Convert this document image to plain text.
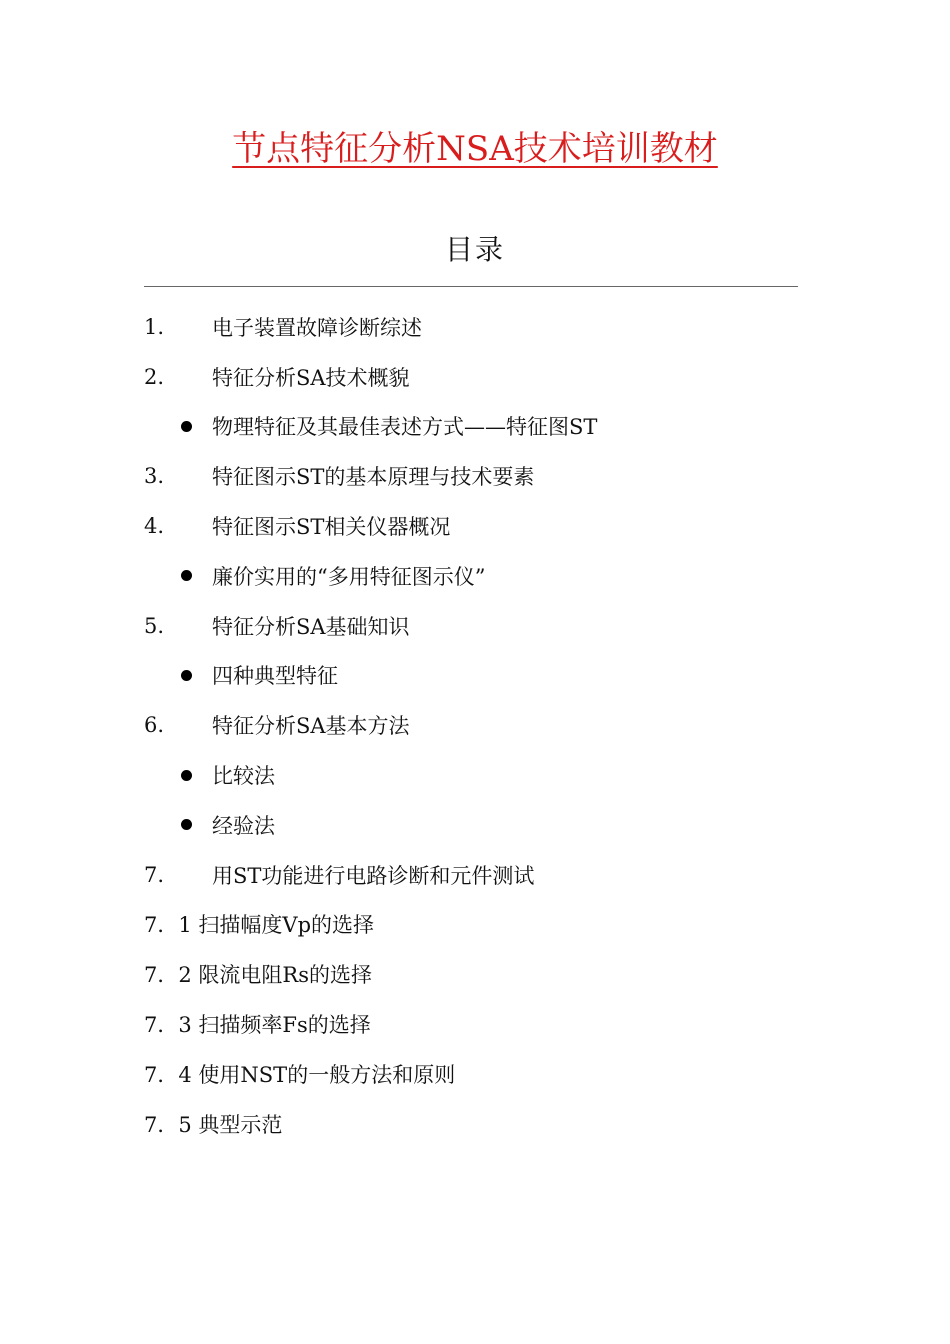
节点特征分析NSA技术培训教材
目录
1.	电子装置故障诊断综述
2.	特征分析SA技术概貌
物理特征及其最佳表述方式——特征图ST
3.	特征图示ST的基本原理与技术要素
4.	特征图示ST相关仪器概况
廉价实用的“多用特征图示仪”
5.	特征分析SA基础知识
四种典型特征
6.	特征分析SA基本方法
比较法
经验法
7.	用ST功能进行电路诊断和元件测试
7．1
扫描幅度Vp的选择
7．2
限流电阻Rs的选择
7．3
扫描频率Fs的选择
7．4
使用NST的一般方法和原则
7．5
典型示范
